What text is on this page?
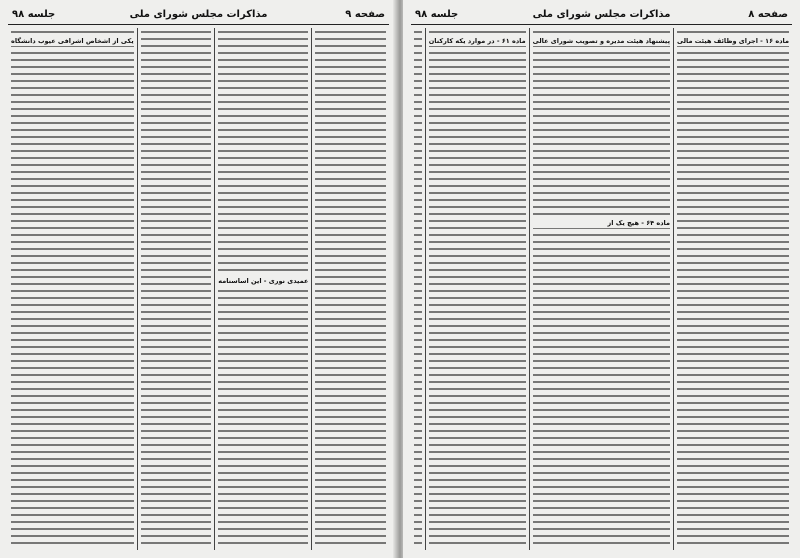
صفحه ۹
مذاکرات مجلس شورای ملی
جلسه ۹۸
عمیدی نوری - این اساسنامه
یکی از اشخاص اشرافی عیوب دانشگاه
صفحه ۸
مذاکرات مجلس شورای ملی
جلسه ۹۸
ماده ۱۶ - اجرای وظائف هیئت مالی
پیشنهاد هیئت مدیره و تصویب شورای عالی
ماده ۶۴ - هیچ یک از
ماده ۶۱ - در موارد یکه کارکنان
